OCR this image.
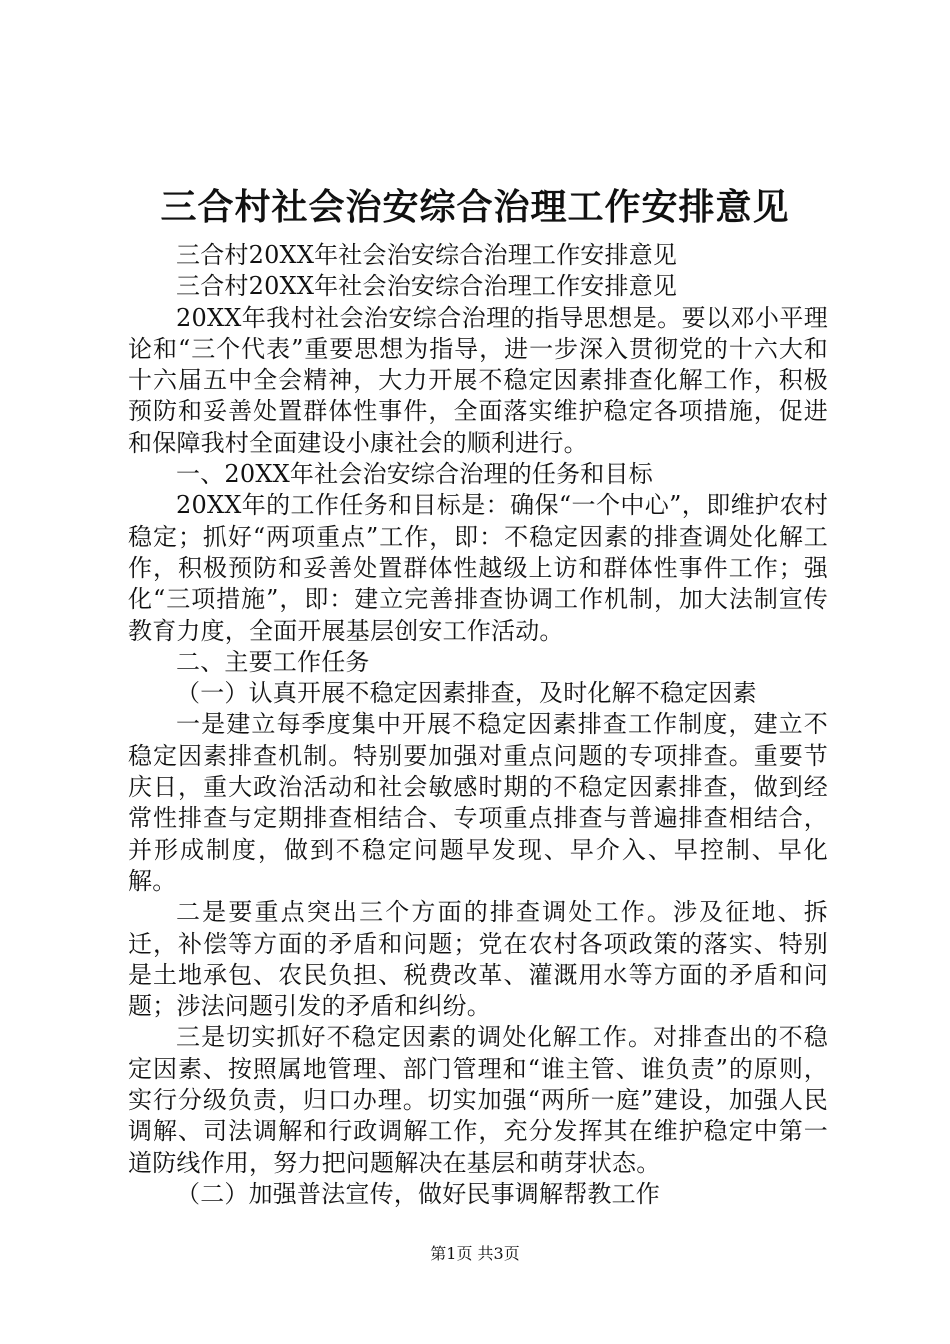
三合村社会治安综合治理工作安排意见

三合村20XX年社会治安综合治理工作安排意见

三合村20XX年社会治安综合治理工作安排意见

20XX年我村社会治安综合治理的指导思想是。要以邓小平理论和“三个代表”重要思想为指导，进一步深入贯彻党的十六大和十六届五中全会精神，大力开展不稳定因素排查化解工作，积极预防和妥善处置群体性事件，全面落实维护稳定各项措施，促进和保障我村全面建设小康社会的顺利进行。

一、20XX年社会治安综合治理的任务和目标

20XX年的工作任务和目标是：确保“一个中心”，即维护农村稳定；抓好“两项重点”工作，即：不稳定因素的排查调处化解工作，积极预防和妥善处置群体性越级上访和群体性事件工作；强化“三项措施”，即：建立完善排查协调工作机制，加大法制宣传教育力度，全面开展基层创安工作活动。

二、主要工作任务

（一）认真开展不稳定因素排查，及时化解不稳定因素

一是建立每季度集中开展不稳定因素排查工作制度，建立不稳定因素排查机制。特别要加强对重点问题的专项排查。重要节庆日，重大政治活动和社会敏感时期的不稳定因素排查，做到经常性排查与定期排查相结合、专项重点排查与普遍排查相结合，并形成制度，做到不稳定问题早发现、早介入、早控制、早化解。

二是要重点突出三个方面的排查调处工作。涉及征地、拆迁，补偿等方面的矛盾和问题；党在农村各项政策的落实、特别是土地承包、农民负担、税费改革、灌溉用水等方面的矛盾和问题；涉法问题引发的矛盾和纠纷。

三是切实抓好不稳定因素的调处化解工作。对排查出的不稳定因素、按照属地管理、部门管理和“谁主管、谁负责”的原则，实行分级负责，归口办理。切实加强“两所一庭”建设，加强人民调解、司法调解和行政调解工作，充分发挥其在维护稳定中第一道防线作用，努力把问题解决在基层和萌芽状态。

（二）加强普法宣传，做好民事调解帮教工作

第1页 共3页
